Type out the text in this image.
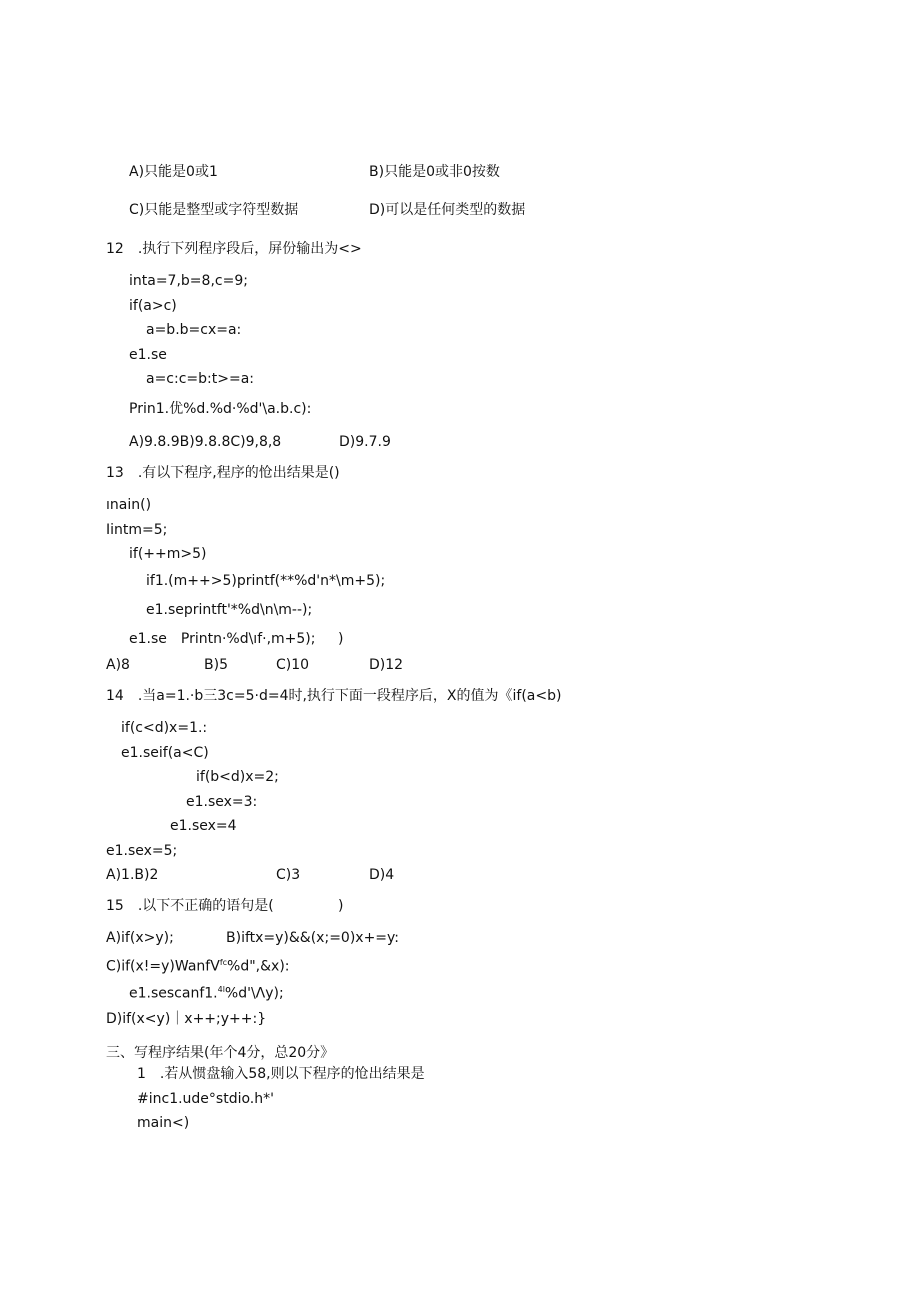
A)只能是0或1	B)只能是0或非0按数
C)只能是整型或字符型数据	D)可以是任何类型的数据
12　.执行下列程序段后，屏份输出为<>
inta=7,b=8,c=9;
if(a>c)
a=b.b=cx=a:
e1.se
a=c:c=b:t>=a:
Prin1.优%d.%d·%d'\a.b.c):
A)9.8.9B)9.8.8C)9,8,8	D)9.7.9
13　.有以下程序,程序的怆出结果是()
ınain()
Iintm=5;
if(++m>5)
if1.(m++>5)printf(**%d'n*\m+5);
e1.seprintft'*%d\n\m--);
e1.se　Printn·%d\ıf·,m+5); )
A)8	B)5	C)10	D)12
14　.当a=1.·b三3c=5·d=4时,执行下面一段程序后，X的值为《if(a<b)
if(c<d)x=1.:
e1.seif(a<C)
if(b<d)x=2;
e1.sex=3:
e1.sex=4
e1.sex=5;
A)1.B)2	C)3	D)4
15　.以下不正确的语句是(	)
A)if(x>y);	B)iftx=y)&&(x;=0)x+=y:
C)if(x!=y)WanfV$^{fc}$%d",&x):
e1.sescanf1.$^{4l}$%d'\Λy);
D)if(x<y)｜x++;y++:}
三、写程序结果(年个4分，总20分》
1　.若从惯盘输入58,则以下程序的怆出结果是
#inc1.ude°stdio.h*'
main<)
